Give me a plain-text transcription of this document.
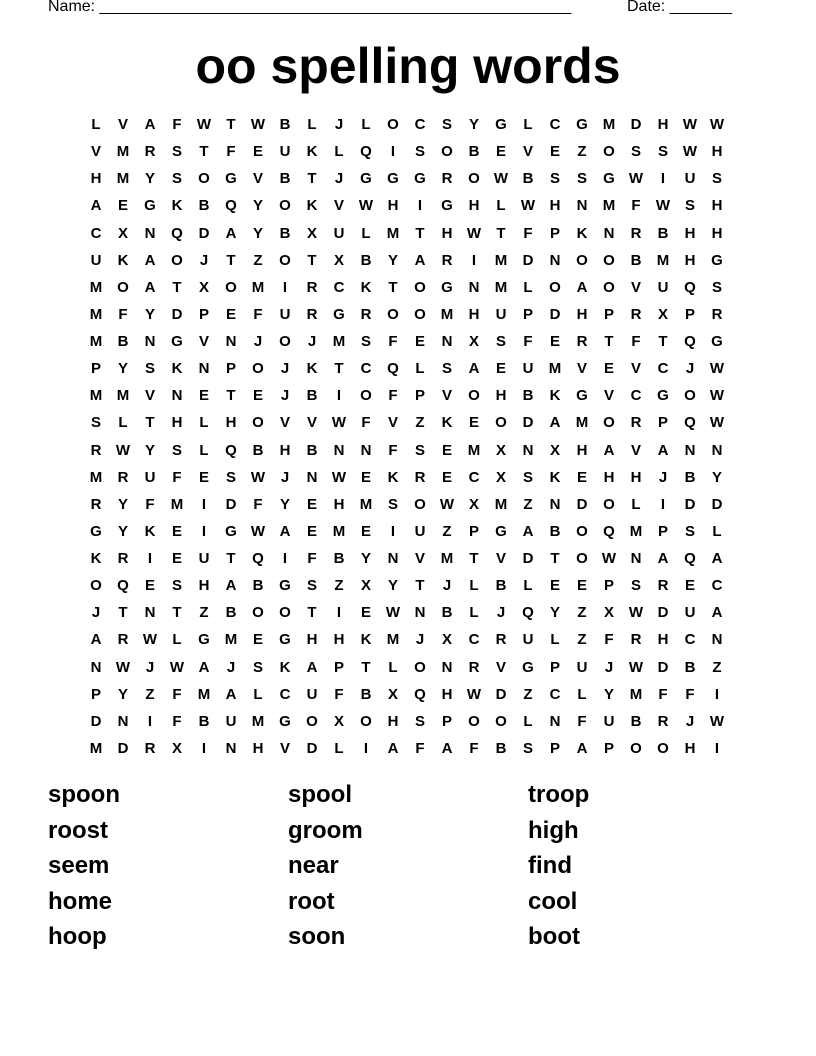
Name: _____________________________________________________	Date: _______
oo spelling words
L	V	A	F	W	T	W B	L	J	L	O	C	S	Y	G	L	C	G M	D	H W W
V	M	R	S	T	F	E	U	K	L	Q	I	S	O	B	E	V	E	Z	O	S	S W H
H	M	Y	S	O	G	V	B	T	J	G	G	G	R	O W B	S	S	G W	I	U	S
A	E	G	K	B	Q	Y	O	K	V W H	I	G	H	L	W H	N	M	F	W S	H
C	X	N	Q	D	A	Y	B	X	U	L	M	T	H W	T	F	P	K	N	R	B	H	H
U	K	A	O	J	T	Z	O	T	X	B	Y	A	R	I	M	D	N	O	O	B	M	H	G
M O	A	T	X	O M	I	R	C	K	T	O	G	N	M	L	O	A	O	V	U	Q	S
M	F	Y	D	P	E	F	U	R	G	R	O	O M	H	U	P	D	H	P	R	X	P	R
M	B	N	G	V	N	J	O	J	M	S	F	E	N	X	S	F	E	R	T	F	T	Q	G
P	Y	S	K	N	P	O	J	K	T	C	Q	L	S	A	E	U	M	V	E	V	C	J	W
M M	V	N	E	T	E	J	B	I	O	F	P	V	O	H	B	K	G	V	C	G	O W
S	L	T	H	L	H	O	V	V W	F	V	Z	K	E	O	D	A	M O	R	P	Q W
R W Y	S	L	Q	B	H	B	N	N	F	S	E	M	X	N	X	H	A	V	A	N	N
M	R	U	F	E	S W	J	N W E	K	R	E	C	X	S	K	E	H	H	J	B	Y
R	Y	F	M	I	D	F	Y	E	H	M	S	O W X	M	Z	N	D	O	L	I	D	D
G	Y	K	E	I	G W A	E	M	E	I	U	Z	P	G	A	B	O	Q M	P	S	L
K	R	I	E	U	T	Q	I	F	B	Y	N	V	M	T	V	D	T	O W N	A	Q	A
O	Q	E	S	H	A	B	G	S	Z	X	Y	T	J	L	B	L	E	E	P	S	R	E	C
J	T	N	T	Z	B	O	O	T	I	E W N	B	L	J	Q	Y	Z	X W D	U	A
A	R W	L	G M	E	G	H	H	K	M	J	X	C	R	U	L	Z	F	R	H	C	N
N W	J	W A	J	S	K	A	P	T	L	O	N	R	V	G	P	U	J	W D	B	Z
P	Y	Z	F	M	A	L	C	U	F	B	X	Q	H W D	Z	C	L	Y	M	F	F	I
D	N	I	F	B	U	M G	O	X	O	H	S	P	O	O	L	N	F	U	B	R	J	W
M	D	R	X	I	N	H	V	D	L	I	A	F	A	F	B	S	P	A	P	O	O	H	I
spoon
roost
seem
home
hoop
spool
groom
near
root
soon
troop
high
find
cool
boot
